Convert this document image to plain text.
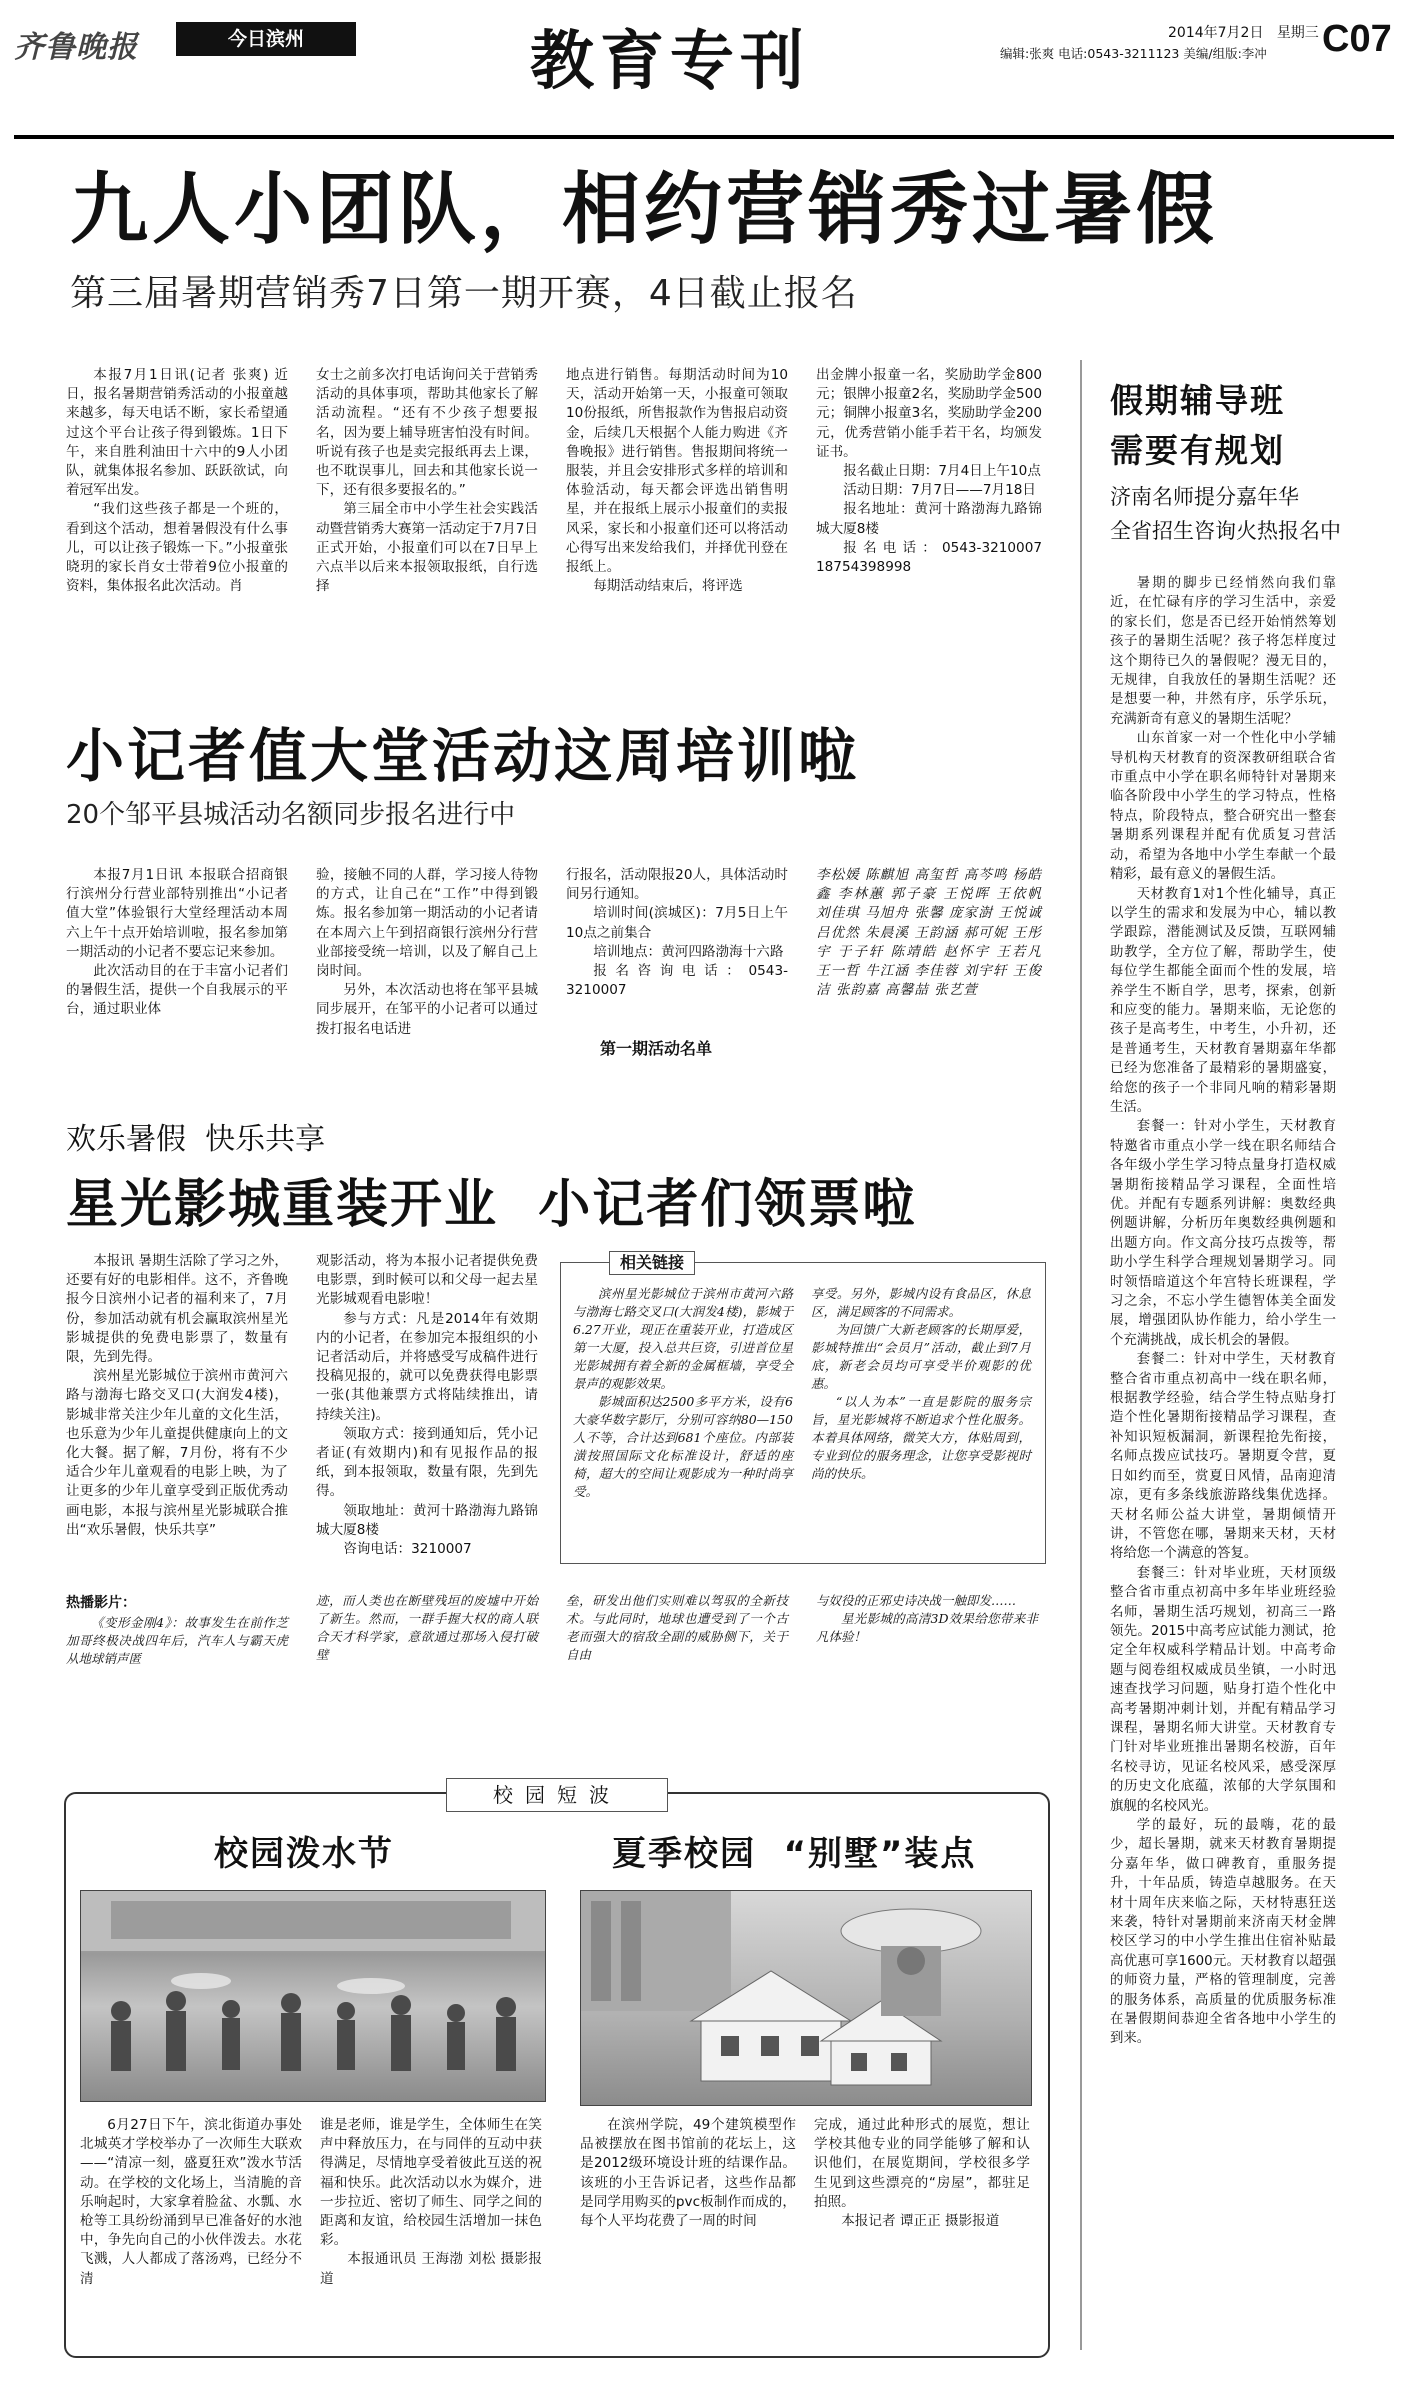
齐鲁晚报	今日滨州	教育专刊	2014年7月2日 星期三
编辑:张爽 电话:0543-3211123 美编/组版:李冲 C07
九人小团队，相约营销秀过暑假
第三届暑期营销秀7日第一期开赛，4日截止报名

本报7月1日讯(记者 张爽) 近日，报名暑期营销秀活动的小报童越来越多，每天电话不断，家长希望通过这个平台让孩子得到锻炼。1日下午，来自胜利油田十六中的9人小团队，就集体报名参加、跃跃欲试，向着冠军出发。

“我们这些孩子都是一个班的，看到这个活动，想着暑假没有什么事儿，可以让孩子锻炼一下。”小报童张晓玥的家长肖女士带着9位小报童的资料，集体报名此次活动。肖

女士之前多次打电话询问关于营销秀活动的具体事项，帮助其他家长了解活动流程。“还有不少孩子想要报名，因为要上辅导班害怕没有时间。听说有孩子也是卖完报纸再去上课，也不耽误事儿，回去和其他家长说一下，还有很多要报名的。”

第三届全市中小学生社会实践活动暨营销秀大赛第一活动定于7月7日正式开始，小报童们可以在7日早上六点半以后来本报领取报纸，自行选择

地点进行销售。每期活动时间为10天，活动开始第一天，小报童可领取10份报纸，所售报款作为售报启动资金，后续几天根据个人能力购进《齐鲁晚报》进行销售。售报期间将统一服装，并且会安排形式多样的培训和体验活动，每天都会评选出销售明星，并在报纸上展示小报童们的卖报风采，家长和小报童们还可以将活动心得写出来发给我们，并择优刊登在报纸上。

每期活动结束后，将评选

出金牌小报童一名，奖励助学金800元；银牌小报童2名，奖励助学金500元；铜牌小报童3名，奖励助学金200元，优秀营销小能手若干名，均颁发证书。

报名截止日期：7月4日上午10点

活动日期：7月7日——7月18日

报名地址：黄河十路渤海九路锦城大厦8楼

报名电话：0543-3210007 18754398998

小记者值大堂活动这周培训啦
20个邹平县城活动名额同步报名进行中

本报7月1日讯 本报联合招商银行滨州分行营业部特别推出“小记者值大堂”体验银行大堂经理活动本周六上午十点开始培训啦，报名参加第一期活动的小记者不要忘记来参加。

此次活动目的在于丰富小记者们的暑假生活，提供一个自我展示的平台，通过职业体

验，接触不同的人群，学习接人待物的方式，让自己在“工作”中得到锻炼。报名参加第一期活动的小记者请在本周六上午到招商银行滨州分行营业部接受统一培训，以及了解自己上岗时间。

另外，本次活动也将在邹平县城同步展开，在邹平的小记者可以通过拨打报名电话进

行报名，活动限报20人，具体活动时间另行通知。

培训时间(滨城区)：7月5日上午10点之前集合

培训地点：黄河四路渤海十六路

报名咨询电话：0543-3210007

第一期活动名单
李松媛 陈麒旭 高玺哲 高芩鸣 杨皓鑫 李林蕙 郭子豪 王悦晖 王依帆 刘佳琪 马旭舟 张馨 庞家澍 王悦诚 吕优然 朱晨溪 王韵涵 郝可妮 王彤宇 于子轩 陈靖皓 赵怀宇 王若凡 王一哲 牛江涵 李佳蓉 刘宇轩 王俊洁 张韵嘉 高馨喆 张艺萱
欢乐暑假  快乐共享
星光影城重装开业  小记者们领票啦

本报讯 暑期生活除了学习之外，还要有好的电影相伴。这不，齐鲁晚报今日滨州小记者的福利来了，7月份，参加活动就有机会赢取滨州星光影城提供的免费电影票了，数量有限，先到先得。

滨州星光影城位于滨州市黄河六路与渤海七路交叉口(大润发4楼)，影城非常关注少年儿童的文化生活，也乐意为少年儿童提供健康向上的文化大餐。据了解，7月份，将有不少适合少年儿童观看的电影上映，为了让更多的少年儿童享受到正版优秀动画电影，本报与滨州星光影城联合推出“欢乐暑假，快乐共享”

观影活动，将为本报小记者提供免费电影票，到时候可以和父母一起去星光影城观看电影啦！

参与方式：凡是2014年有效期内的小记者，在参加完本报组织的小记者活动后，并将感受写成稿件进行投稿见报的，就可以免费获得电影票一张(其他兼票方式将陆续推出，请持续关注)。

领取方式：接到通知后，凭小记者证(有效期内)和有见报作品的报纸，到本报领取，数量有限，先到先得。

领取地址：黄河十路渤海九路锦城大厦8楼

咨询电话：3210007

相关链接

滨州星光影城位于滨州市黄河六路与渤海七路交叉口(大润发4楼)，影城于6.27开业，现正在重装开业，打造成区第一大厦，投入总共巨资，引进首位星光影城拥有着全新的金属框墙，享受全景声的观影效果。

影城面积达2500多平方米，设有6大豪华数字影厅，分别可容纳80—150人不等，合计达到681个座位。内部装潢按照国际文化标准设计，舒适的座椅，超大的空间让观影成为一种时尚享受。

享受。另外，影城内设有食品区，休息区，满足顾客的不同需求。

为回馈广大新老顾客的长期厚爱，影城特推出“会员月”活动，截止到7月底，新老会员均可享受半价观影的优惠。

“以人为本”一直是影院的服务宗旨，星光影城将不断追求个性化服务。本着具体网络，微笑大方，体贴周到，专业到位的服务理念，让您享受影视时尚的快乐。

热播影片：

《变形金刚4》：故事发生在前作芝加哥终极决战四年后，汽车人与霸天虎从地球销声匿

迹，而人类也在断壁残垣的废墟中开始了新生。然而，一群手握大权的商人联合天才科学家，意欲通过那场入侵打破壁
垒，研发出他们实则难以驾驭的全新技术。与此同时，地球也遭受到了一个古老而强大的宿敌全副的威胁侧下，关于自由
与奴役的正邪史诗决战一触即发……
星光影城的高清3D效果给您带来非凡体验！
校园短波
校园泼水节

6月27日下午，滨北街道办事处北城英才学校举办了一次师生大联欢——“清凉一刻，盛夏狂欢”泼水节活动。在学校的文化场上，当清脆的音乐响起时，大家拿着脸盆、水瓢、水枪等工具纷纷涌到早已准备好的水池中，争先向自己的小伙伴泼去。水花飞溅，人人都成了落汤鸡，已经分不清

谁是老师，谁是学生，全体师生在笑声中释放压力，在与同伴的互动中获得满足，尽情地享受着彼此互送的祝福和快乐。此次活动以水为媒介，进一步拉近、密切了师生、同学之间的距离和友谊，给校园生活增加一抹色彩。

本报通讯员 王海渤 刘松 摄影报道

夏季校园  “别墅”装点

在滨州学院，49个建筑模型作品被摆放在图书馆前的花坛上，这是2012级环境设计班的结课作品。该班的小王告诉记者，这些作品都是同学用购买的pvc板制作而成的，每个人平均花费了一周的时间

完成，通过此种形式的展览，想让学校其他专业的同学能够了解和认识他们，在展览期间，学校很多学生见到这些漂亮的“房屋”，都驻足拍照。

本报记者 谭正正 摄影报道

假期辅导班
需要有规划
济南名师提分嘉年华
全省招生咨询火热报名中

暑期的脚步已经悄然向我们靠近，在忙碌有序的学习生活中，亲爱的家长们，您是否已经开始悄然筹划孩子的暑期生活呢？孩子将怎样度过这个期待已久的暑假呢？漫无目的，无规律，自我放任的暑期生活呢？还是想要一种，井然有序，乐学乐玩，充满新奇有意义的暑期生活呢？

山东首家一对一个性化中小学辅导机构天材教育的资深教研组联合省市重点中小学在职名师特针对暑期来临各阶段中小学生的学习特点，性格特点，阶段特点，整合研究出一整套暑期系列课程并配有优质复习营活动，希望为各地中小学生奉献一个最精彩，最有意义的暑假生活。

天材教育1对1个性化辅导，真正以学生的需求和发展为中心，辅以教学跟踪，潜能测试及反馈，互联网辅助教学，全方位了解，帮助学生，使每位学生都能全面而个性的发展，培养学生不断自学，思考，探索，创新和应变的能力。暑期来临，无论您的孩子是高考生，中考生，小升初，还是普通考生，天材教育暑期嘉年华都已经为您准备了最精彩的暑期盛宴，给您的孩子一个非同凡响的精彩暑期生活。

套餐一：针对小学生，天材教育特邀省市重点小学一线在职名师结合各年级小学生学习特点量身打造权威暑期衔接精品学习课程，全面性培优。并配有专题系列讲解：奥数经典例题讲解，分析历年奥数经典例题和出题方向。作文高分技巧点拨等，帮助小学生科学合理规划暑期学习。同时领悟暗道这个年宫特长班课程，学习之余，不忘小学生德智体美全面发展，增强团队协作能力，给小学生一个充满挑战，成长机会的暑假。

套餐二：针对中学生，天材教育整合省市重点初高中一线在职名师，根据教学经验，结合学生特点贴身打造个性化暑期衔接精品学习课程，查补知识短板漏洞，新课程抢先衔接，名师点拨应试技巧。暑期夏令营，夏日如约而至，赏夏日风情，品南迎清凉，更有多条线旅游路线集优选择。天材名师公益大讲堂，暑期倾情开讲，不管您在哪，暑期来天材，天材将给您一个满意的答复。

套餐三：针对毕业班，天材顶级整合省市重点初高中多年毕业班经验名师，暑期生活巧规划，初高三一路领先。2015中高考应试能力测试，抢定全年权威科学精品计划。中高考命题与阅卷组权威成员坐镇，一小时迅速查找学习问题，贴身打造个性化中高考暑期冲刺计划，并配有精品学习课程，暑期名师大讲堂。天材教育专门针对毕业班推出暑期名校游，百年名校寻访，见证名校风采，感受深厚的历史文化底蕴，浓郁的大学氛围和旗舰的名校风光。

学的最好，玩的最嗨，花的最少，超长暑期，就来天材教育暑期提分嘉年华，做口碑教育，重服务提升，十年品质，铸造卓越服务。在天材十周年庆来临之际，天材特惠狂送来袭，特针对暑期前来济南天材金牌校区学习的中小学生推出住宿补贴最高优惠可享1600元。天材教育以超强的师资力量，严格的管理制度，完善的服务体系，高质量的优质服务标准在暑假期间恭迎全省各地中小学生的到来。
